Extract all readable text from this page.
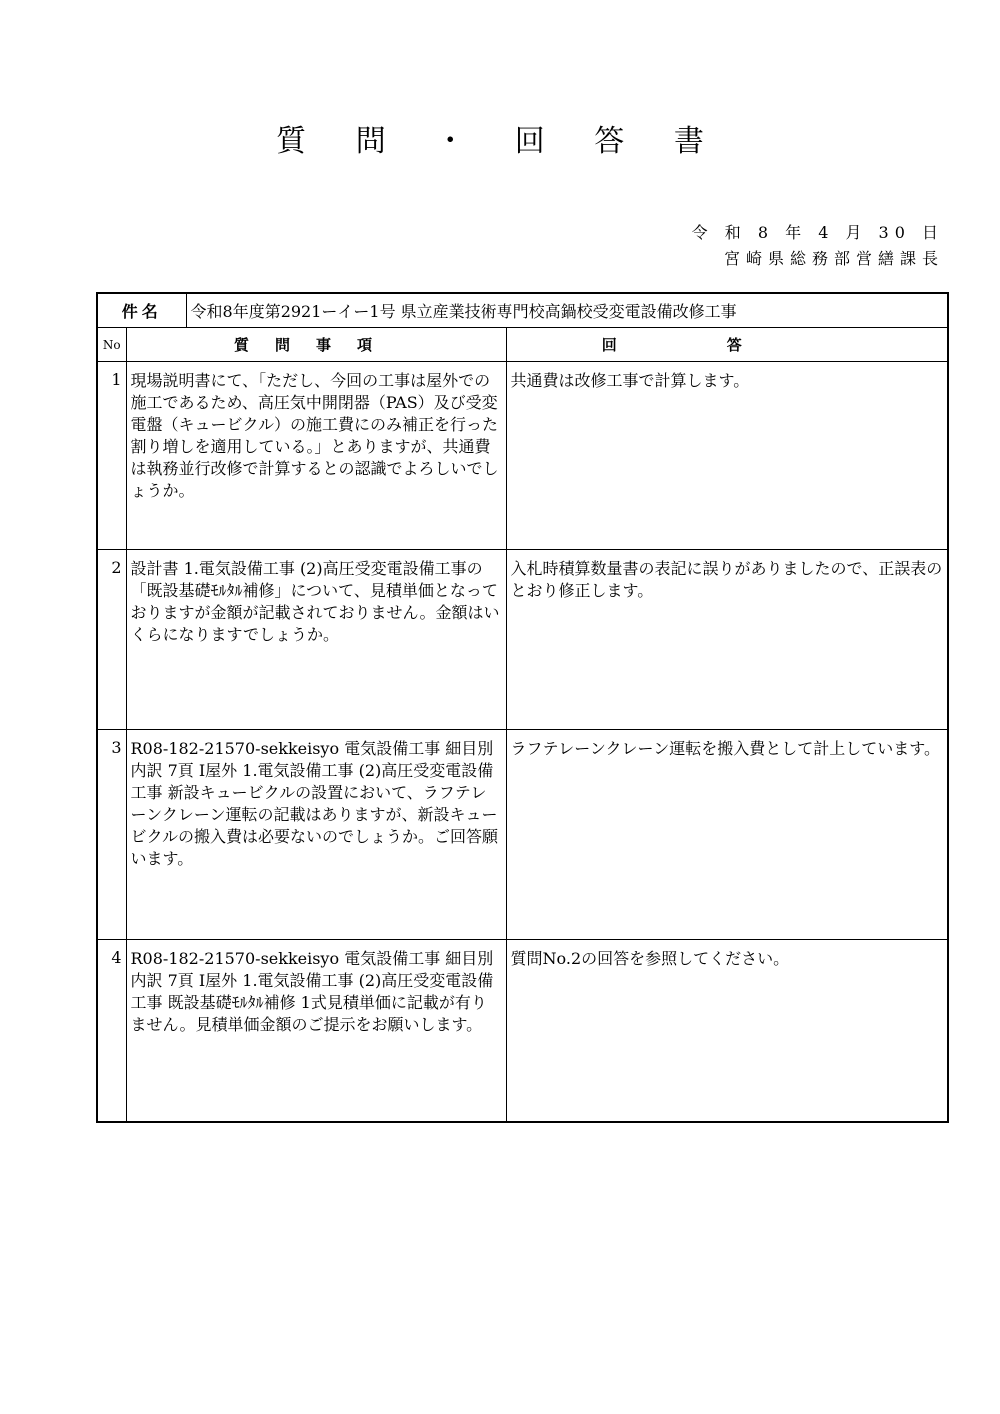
質 問 ・ 回 答 書
令 和 8 年 4 月 30 日
宮崎県総務部営繕課長
件名		令和8年度第2921ーイー1号 県立産業技術専門校高鍋校受変電設備改修工事	
No	質問事項		回答
1	現場説明書にて、「ただし、今回の工事は屋外での施工であるため、高圧気中開閉器（PAS）及び受変電盤（キュービクル）の施工費にのみ補正を行った割り増しを適用している。」とありますが、共通費は執務並行改修で計算するとの認識でよろしいでしょうか。		共通費は改修工事で計算します。
2	設計書 1.電気設備工事 (2)高圧受変電設備工事の「既設基礎ﾓﾙﾀﾙ補修」について、見積単価となっておりますが金額が記載されておりません。金額はいくらになりますでしょうか。		入札時積算数量書の表記に誤りがありましたので、正誤表のとおり修正します。
3	R08-182-21570-sekkeisyo 電気設備工事 細目別内訳 7頁 Ⅰ屋外 1.電気設備工事 (2)高圧受変電設備工事 新設キュービクルの設置において、ラフテレーンクレーン運転の記載はありますが、新設キュービクルの搬入費は必要ないのでしょうか。ご回答願います。		ラフテレーンクレーン運転を搬入費として計上しています。
4	R08-182-21570-sekkeisyo 電気設備工事 細目別内訳 7頁 Ⅰ屋外 1.電気設備工事 (2)高圧受変電設備工事 既設基礎ﾓﾙﾀﾙ補修 1式見積単価に記載が有りません。見積単価金額のご提示をお願いします。		質問No.2の回答を参照してください。
